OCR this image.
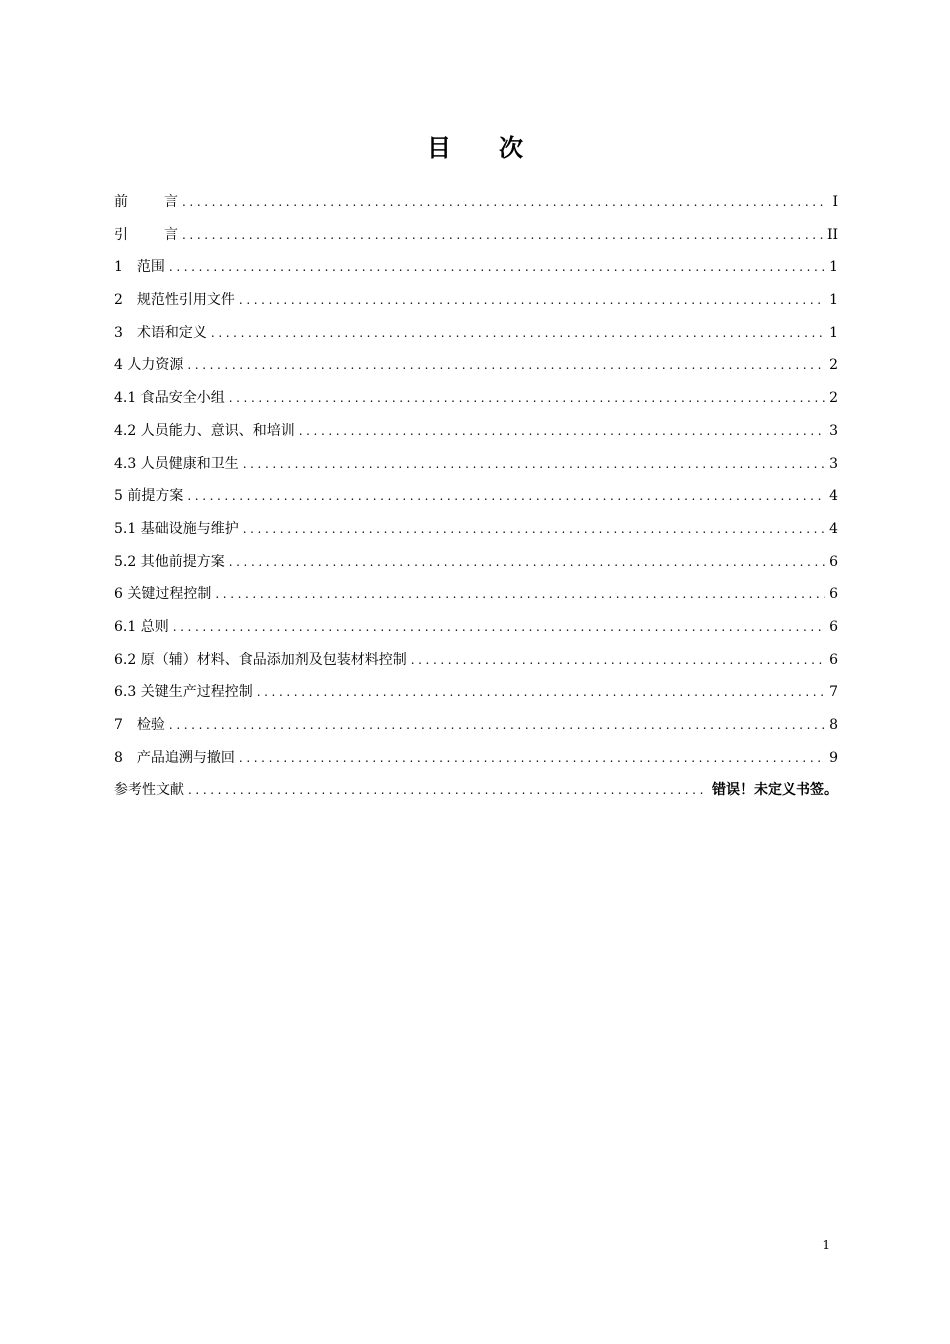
目 次
前	言 .....	I
引	言 .....	II
1　范围 .....	1
2　规范性引用文件 .....	1
3　术语和定义 .....	1
4 人力资源 .....	2
4.1 食品安全小组 .....	2
4.2 人员能力、意识、和培训 .....	3
4.3 人员健康和卫生 .....	3
5 前提方案 .....	4
5.1 基础设施与维护 .....	4
5.2 其他前提方案 .....	6
6 关键过程控制 .....	6
6.1 总则 .....	6
6.2 原（辅）材料、食品添加剂及包装材料控制 .....	6
6.3 关键生产过程控制 .....	7
7　检验 .....	8
8　产品追溯与撤回 .....	9
参考性文献 .....	错误！未定义书签。
1
